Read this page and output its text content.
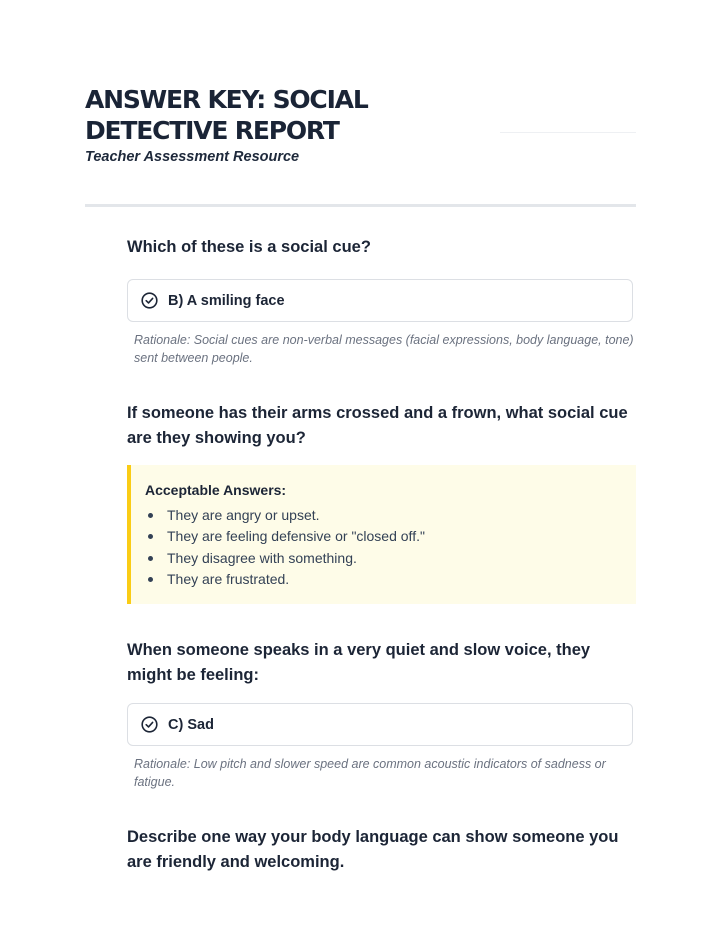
ANSWER KEY: SOCIAL DETECTIVE REPORT

Teacher Assessment Resource

Which of these is a social cue?

B) A smiling face

Rationale: Social cues are non-verbal messages (facial expressions, body language, tone) sent between people.

If someone has their arms crossed and a frown, what social cue are they showing you?

Acceptable Answers:

They are angry or upset.
They are feeling defensive or "closed off."
They disagree with something.
They are frustrated.

When someone speaks in a very quiet and slow voice, they might be feeling:

C) Sad

Rationale: Low pitch and slower speed are common acoustic indicators of sadness or fatigue.

Describe one way your body language can show someone you are friendly and welcoming.
